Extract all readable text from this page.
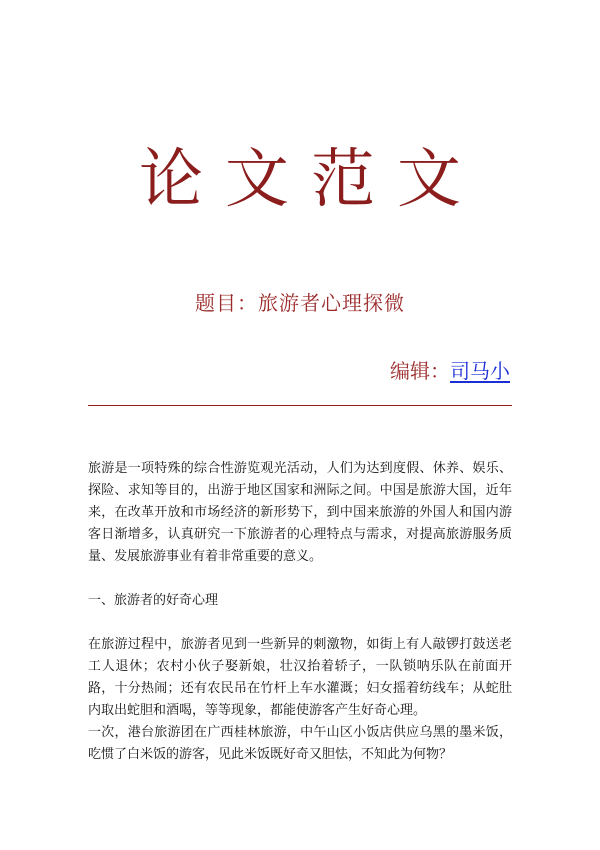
论文范文
题目：旅游者心理探微
编辑：司马小

旅游是一项特殊的综合性游览观光活动，人们为达到度假、休养、娱乐、探险、求知等目的，出游于地区国家和洲际之间。中国是旅游大国，近年来，在改革开放和市场经济的新形势下，到中国来旅游的外国人和国内游客日渐增多，认真研究一下旅游者的心理特点与需求，对提高旅游服务质量、发展旅游事业有着非常重要的意义。

一、旅游者的好奇心理

在旅游过程中，旅游者见到一些新异的刺激物，如街上有人敲锣打鼓送老工人退休；农村小伙子娶新娘，壮汉抬着轿子，一队锁呐乐队在前面开路，十分热闹；还有农民吊在竹杆上车水灌溉；妇女摇着纺线车；从蛇肚内取出蛇胆和酒喝，等等现象，都能使游客产生好奇心理。

一次，港台旅游团在广西桂林旅游，中午山区小饭店供应乌黑的墨米饭，吃惯了白米饭的游客，见此米饭既好奇又胆怯，不知此为何物？
